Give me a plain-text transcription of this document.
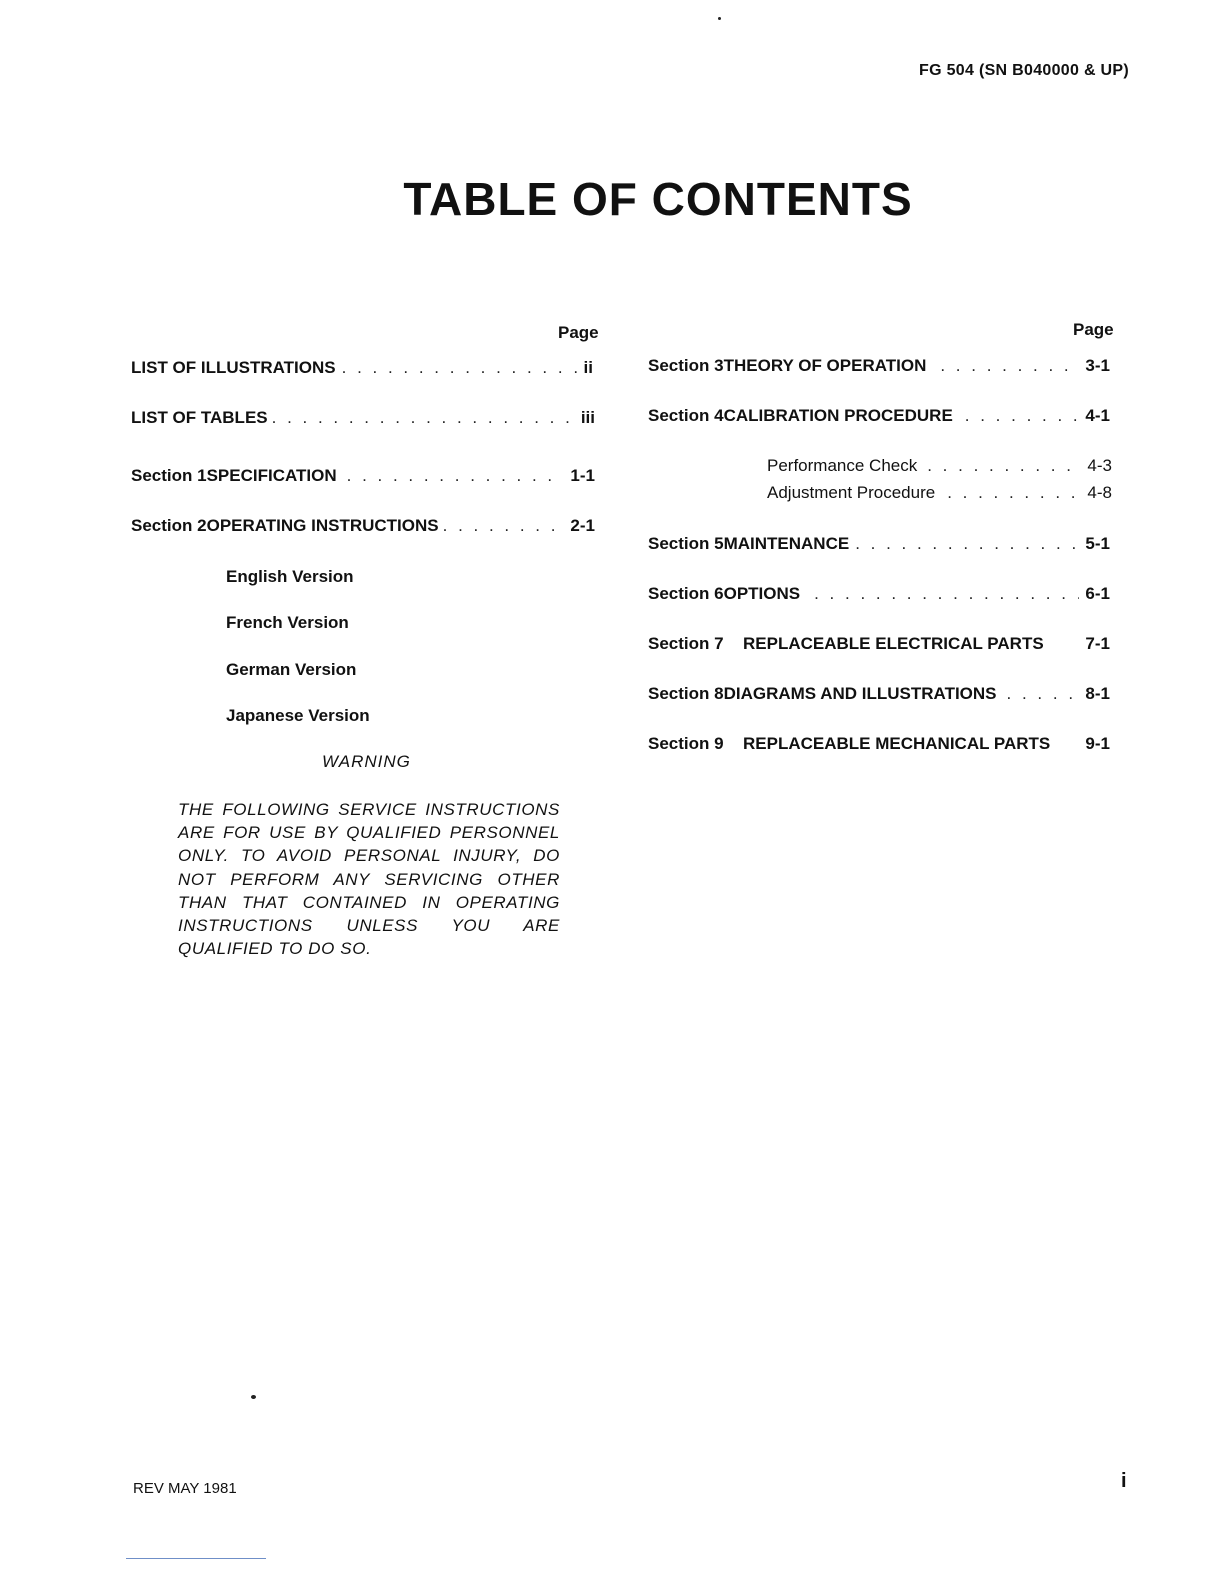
FG 504 (SN B040000 & UP)
TABLE OF CONTENTS
Page	Page
LIST OF ILLUSTRATIONS . . .	ii
LIST OF TABLES . . .	iii
Section 1 SPECIFICATION . . .	1-1
Section 2 OPERATING INSTRUCTIONS . . .	2-1
English Version
French Version
German Version
Japanese Version
WARNING
THE FOLLOWING SERVICE INSTRUCTIONS ARE FOR USE BY QUALIFIED PERSONNEL ONLY. TO AVOID PERSONAL INJURY, DO NOT PERFORM ANY SERVICING OTHER THAN THAT CONTAINED IN OPERATING INSTRUCTIONS UNLESS YOU ARE QUALIFIED TO DO SO.
Section 3 THEORY OF OPERATION . . .	3-1
Section 4 CALIBRATION PROCEDURE . . .	4-1
Performance Check . . .	4-3
Adjustment Procedure . . .	4-8
Section 5 MAINTENANCE . . .	5-1
Section 6 OPTIONS . . .	6-1
Section 7	REPLACEABLE ELECTRICAL PARTS 7-1
Section 8 DIAGRAMS AND ILLUSTRATIONS . . .	8-1
Section 9	REPLACEABLE MECHANICAL PARTS 9-1
REV MAY 1981	i
